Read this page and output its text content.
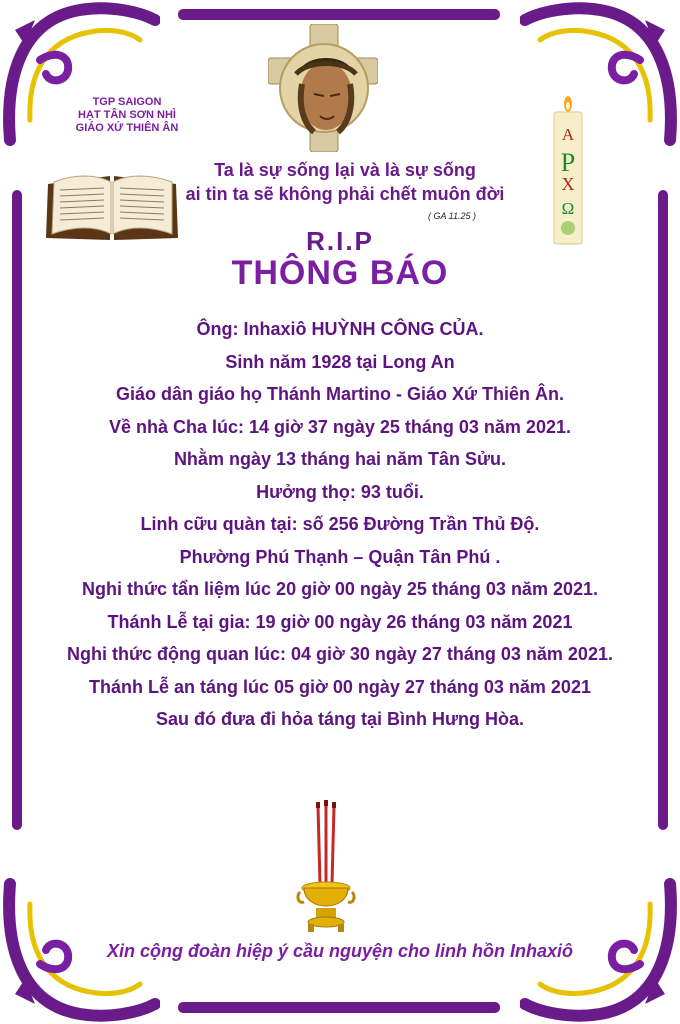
TGP SAIGON
HẠT TÂN SƠN NHÌ
GIÁO XỨ THIÊN ÂN	A
P
X
Ω
Ta là sự sống lại và là sự sống
ai tin ta sẽ không phải chết muôn đời
( GA 11.25 )
R.I.P
THÔNG BÁO
Ông: Inhaxiô HUỲNH CÔNG CỦA.
Sinh năm 1928 tại Long An
Giáo dân giáo họ Thánh Martino - Giáo Xứ Thiên Ân.
Về nhà Cha lúc: 14 giờ 37 ngày 25 tháng 03 năm 2021.
Nhằm ngày 13 tháng hai năm Tân Sửu.
Hưởng thọ: 93 tuổi.
Linh cữu quàn tại: số 256 Đường Trần Thủ Độ.
Phường Phú Thạnh – Quận Tân Phú .
Nghi thức tẩn liệm lúc 20 giờ 00 ngày 25 tháng 03 năm 2021.
Thánh Lễ tại gia: 19 giờ 00 ngày 26 tháng 03 năm 2021
Nghi thức động quan lúc: 04 giờ 30 ngày 27 tháng 03 năm 2021.
Thánh Lễ an táng lúc 05 giờ 00 ngày 27 tháng 03 năm 2021
Sau đó đưa đi hỏa táng tại Bình Hưng Hòa.
Xin cộng đoàn hiệp ý cầu nguyện cho linh hồn Inhaxiô
